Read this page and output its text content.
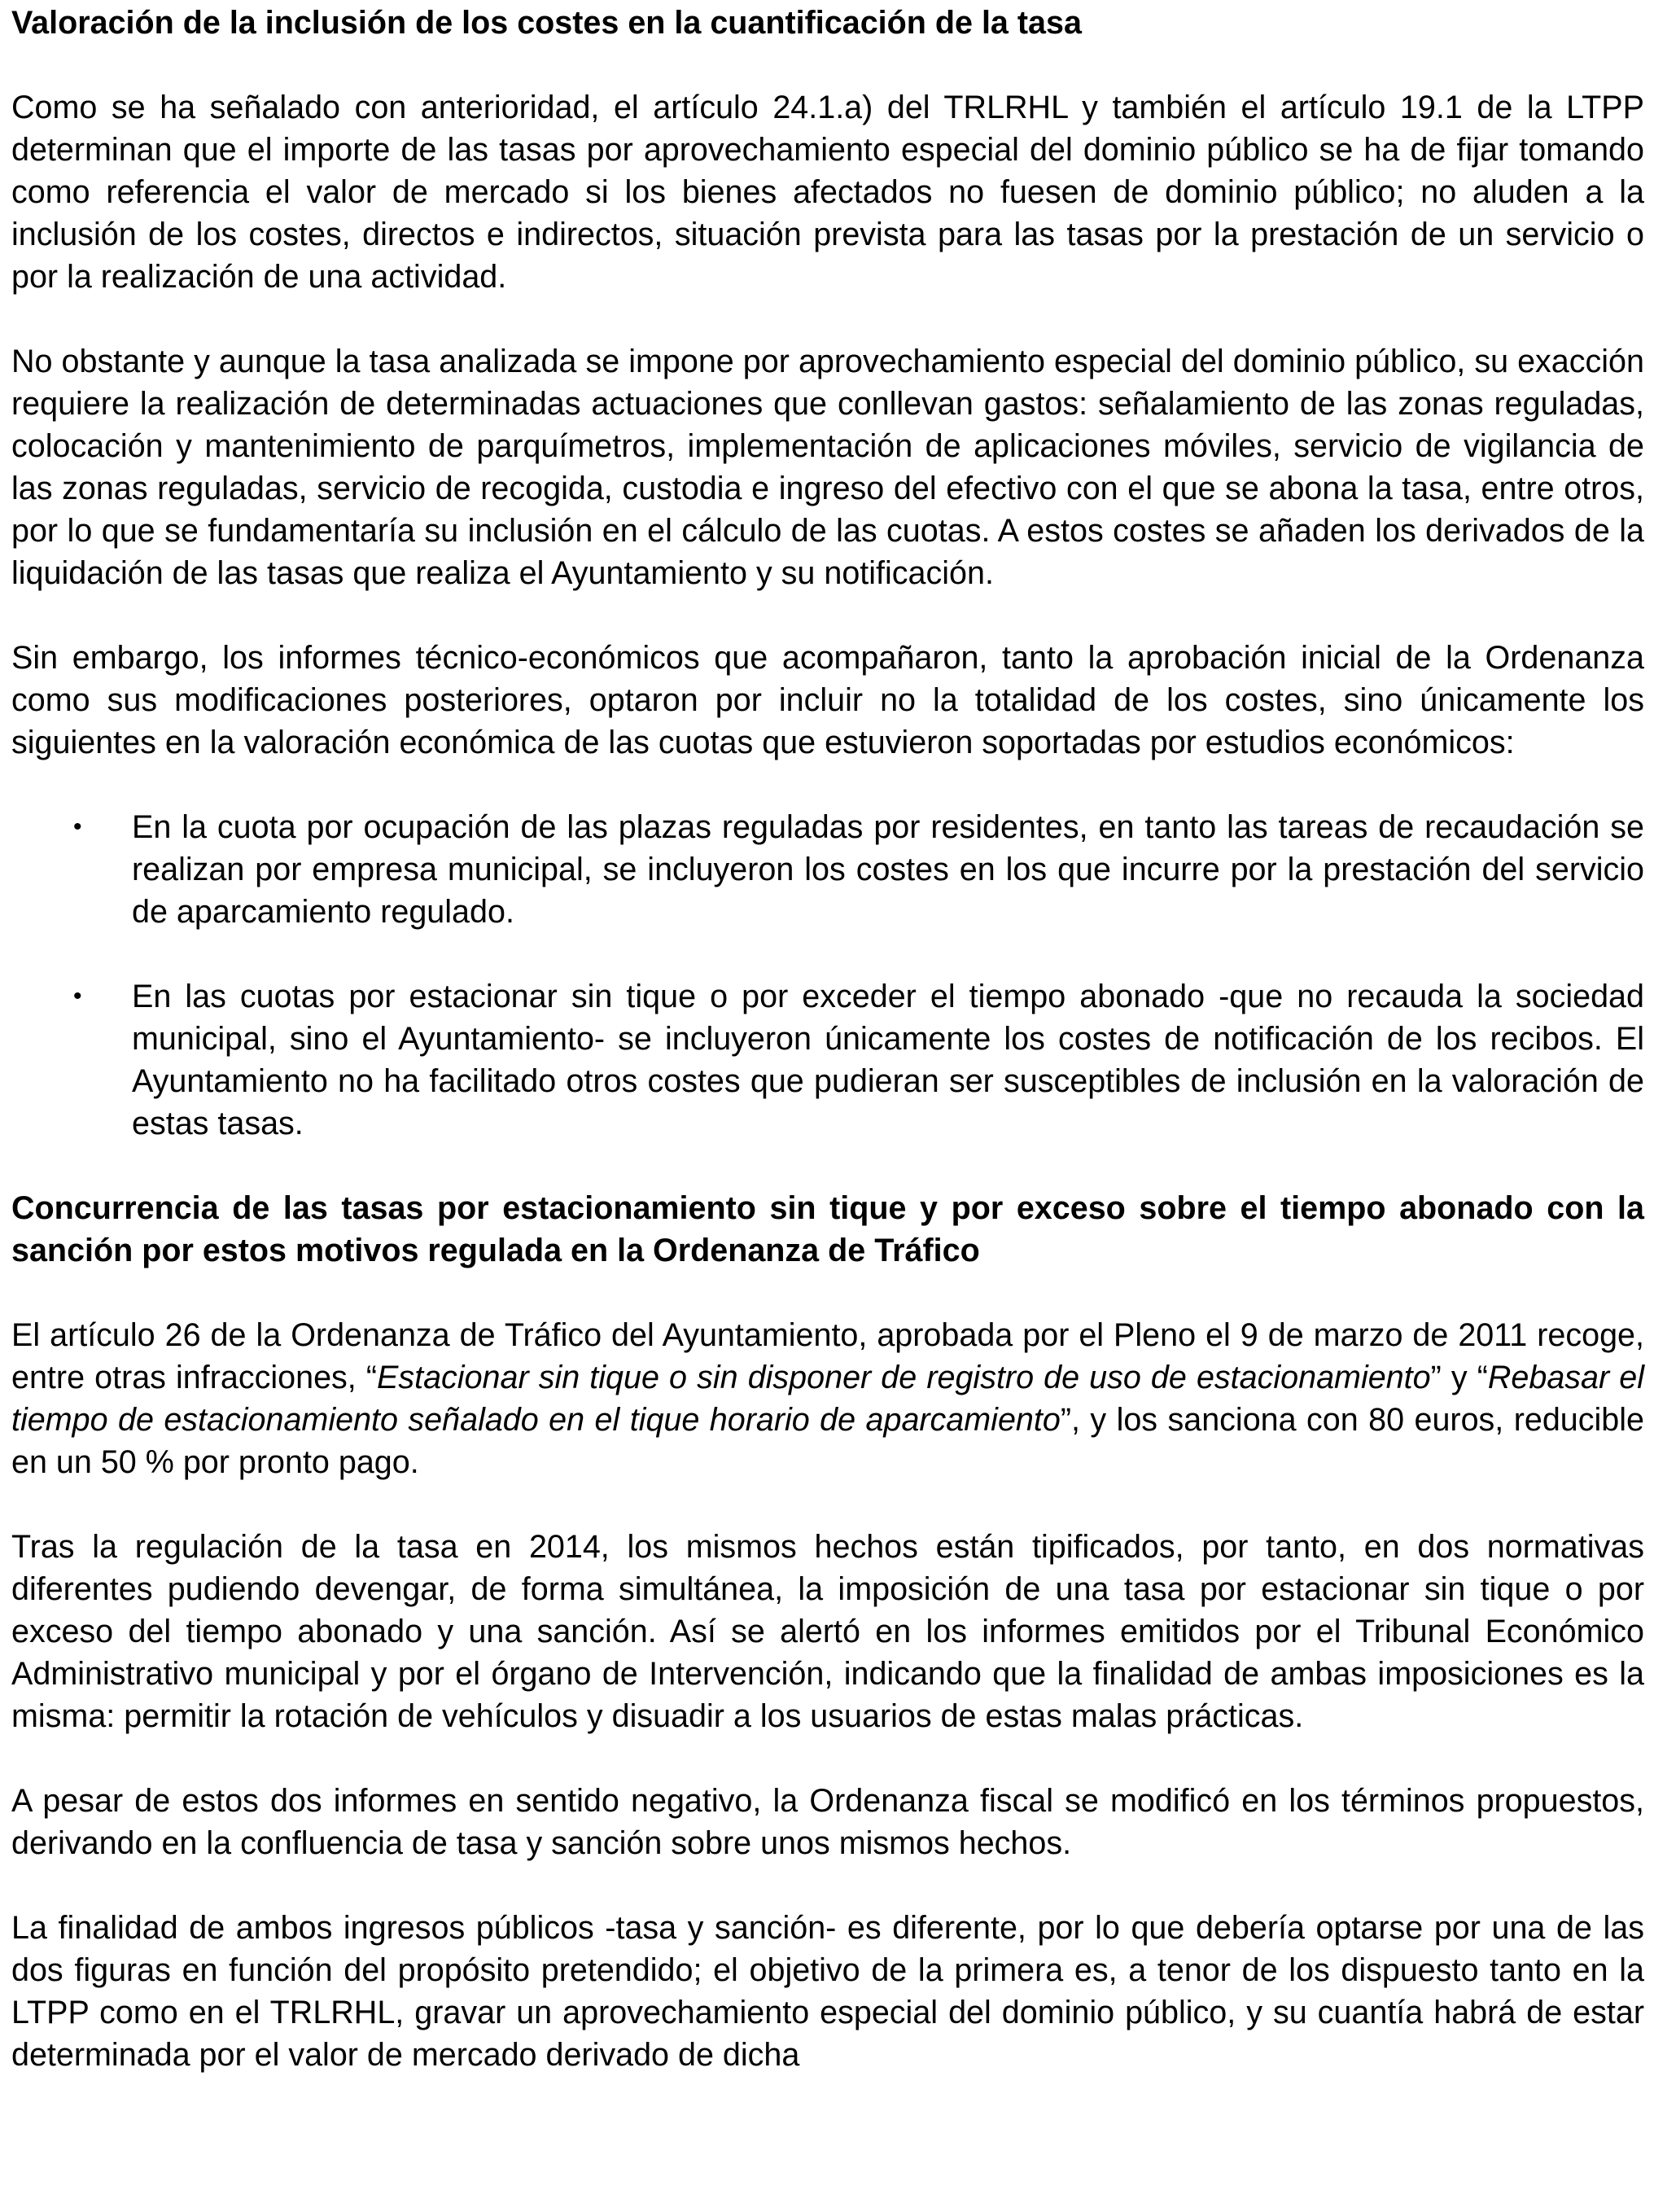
Valoración de la inclusión de los costes en la cuantificación de la tasa

Como se ha señalado con anterioridad, el artículo 24.1.a) del TRLRHL y también el artículo 19.1 de la LTPP determinan que el importe de las tasas por aprovechamiento especial del dominio público se ha de fijar tomando como referencia el valor de mercado si los bienes afectados no fuesen de dominio público; no aluden a la inclusión de los costes, directos e indirectos, situación prevista para las tasas por la prestación de un servicio o por la realización de una actividad.

No obstante y aunque la tasa analizada se impone por aprovechamiento especial del dominio público, su exacción requiere la realización de determinadas actuaciones que conllevan gastos: señalamiento de las zonas reguladas, colocación y mantenimiento de parquímetros, implementación de aplicaciones móviles, servicio de vigilancia de las zonas reguladas, servicio de recogida, custodia e ingreso del efectivo con el que se abona la tasa, entre otros, por lo que se fundamentaría su inclusión en el cálculo de las cuotas. A estos costes se añaden los derivados de la liquidación de las tasas que realiza el Ayuntamiento y su notificación.

Sin embargo, los informes técnico-económicos que acompañaron, tanto la aprobación inicial de la Ordenanza como sus modificaciones posteriores, optaron por incluir no la totalidad de los costes, sino únicamente los siguientes en la valoración económica de las cuotas que estuvieron soportadas por estudios económicos:

•	En la cuota por ocupación de las plazas reguladas por residentes, en tanto las tareas de recaudación se realizan por empresa municipal, se incluyeron los costes en los que incurre por la prestación del servicio de aparcamiento regulado.
•	En las cuotas por estacionar sin tique o por exceder el tiempo abonado -que no recauda la sociedad municipal, sino el Ayuntamiento- se incluyeron únicamente los costes de notificación de los recibos. El Ayuntamiento no ha facilitado otros costes que pudieran ser susceptibles de inclusión en la valoración de estas tasas.
Concurrencia de las tasas por estacionamiento sin tique y por exceso sobre el tiempo abonado con la sanción por estos motivos regulada en la Ordenanza de Tráfico

El artículo 26 de la Ordenanza de Tráfico del Ayuntamiento, aprobada por el Pleno el 9 de marzo de 2011 recoge, entre otras infracciones, “Estacionar sin tique o sin disponer de registro de uso de estacionamiento” y “Rebasar el tiempo de estacionamiento señalado en el tique horario de aparcamiento”, y los sanciona con 80 euros, reducible en un 50 % por pronto pago.

Tras la regulación de la tasa en 2014, los mismos hechos están tipificados, por tanto, en dos normativas diferentes pudiendo devengar, de forma simultánea, la imposición de una tasa por estacionar sin tique o por exceso del tiempo abonado y una sanción. Así se alertó en los informes emitidos por el Tribunal Económico Administrativo municipal y por el órgano de Intervención, indicando que la finalidad de ambas imposiciones es la misma: permitir la rotación de vehículos y disuadir a los usuarios de estas malas prácticas.

A pesar de estos dos informes en sentido negativo, la Ordenanza fiscal se modificó en los términos propuestos, derivando en la confluencia de tasa y sanción sobre unos mismos hechos.

La finalidad de ambos ingresos públicos -tasa y sanción- es diferente, por lo que debería optarse por una de las dos figuras en función del propósito pretendido; el objetivo de la primera es, a tenor de los dispuesto tanto en la LTPP como en el TRLRHL, gravar un aprovechamiento especial del dominio público, y su cuantía habrá de estar determinada por el valor de mercado derivado de dicha
